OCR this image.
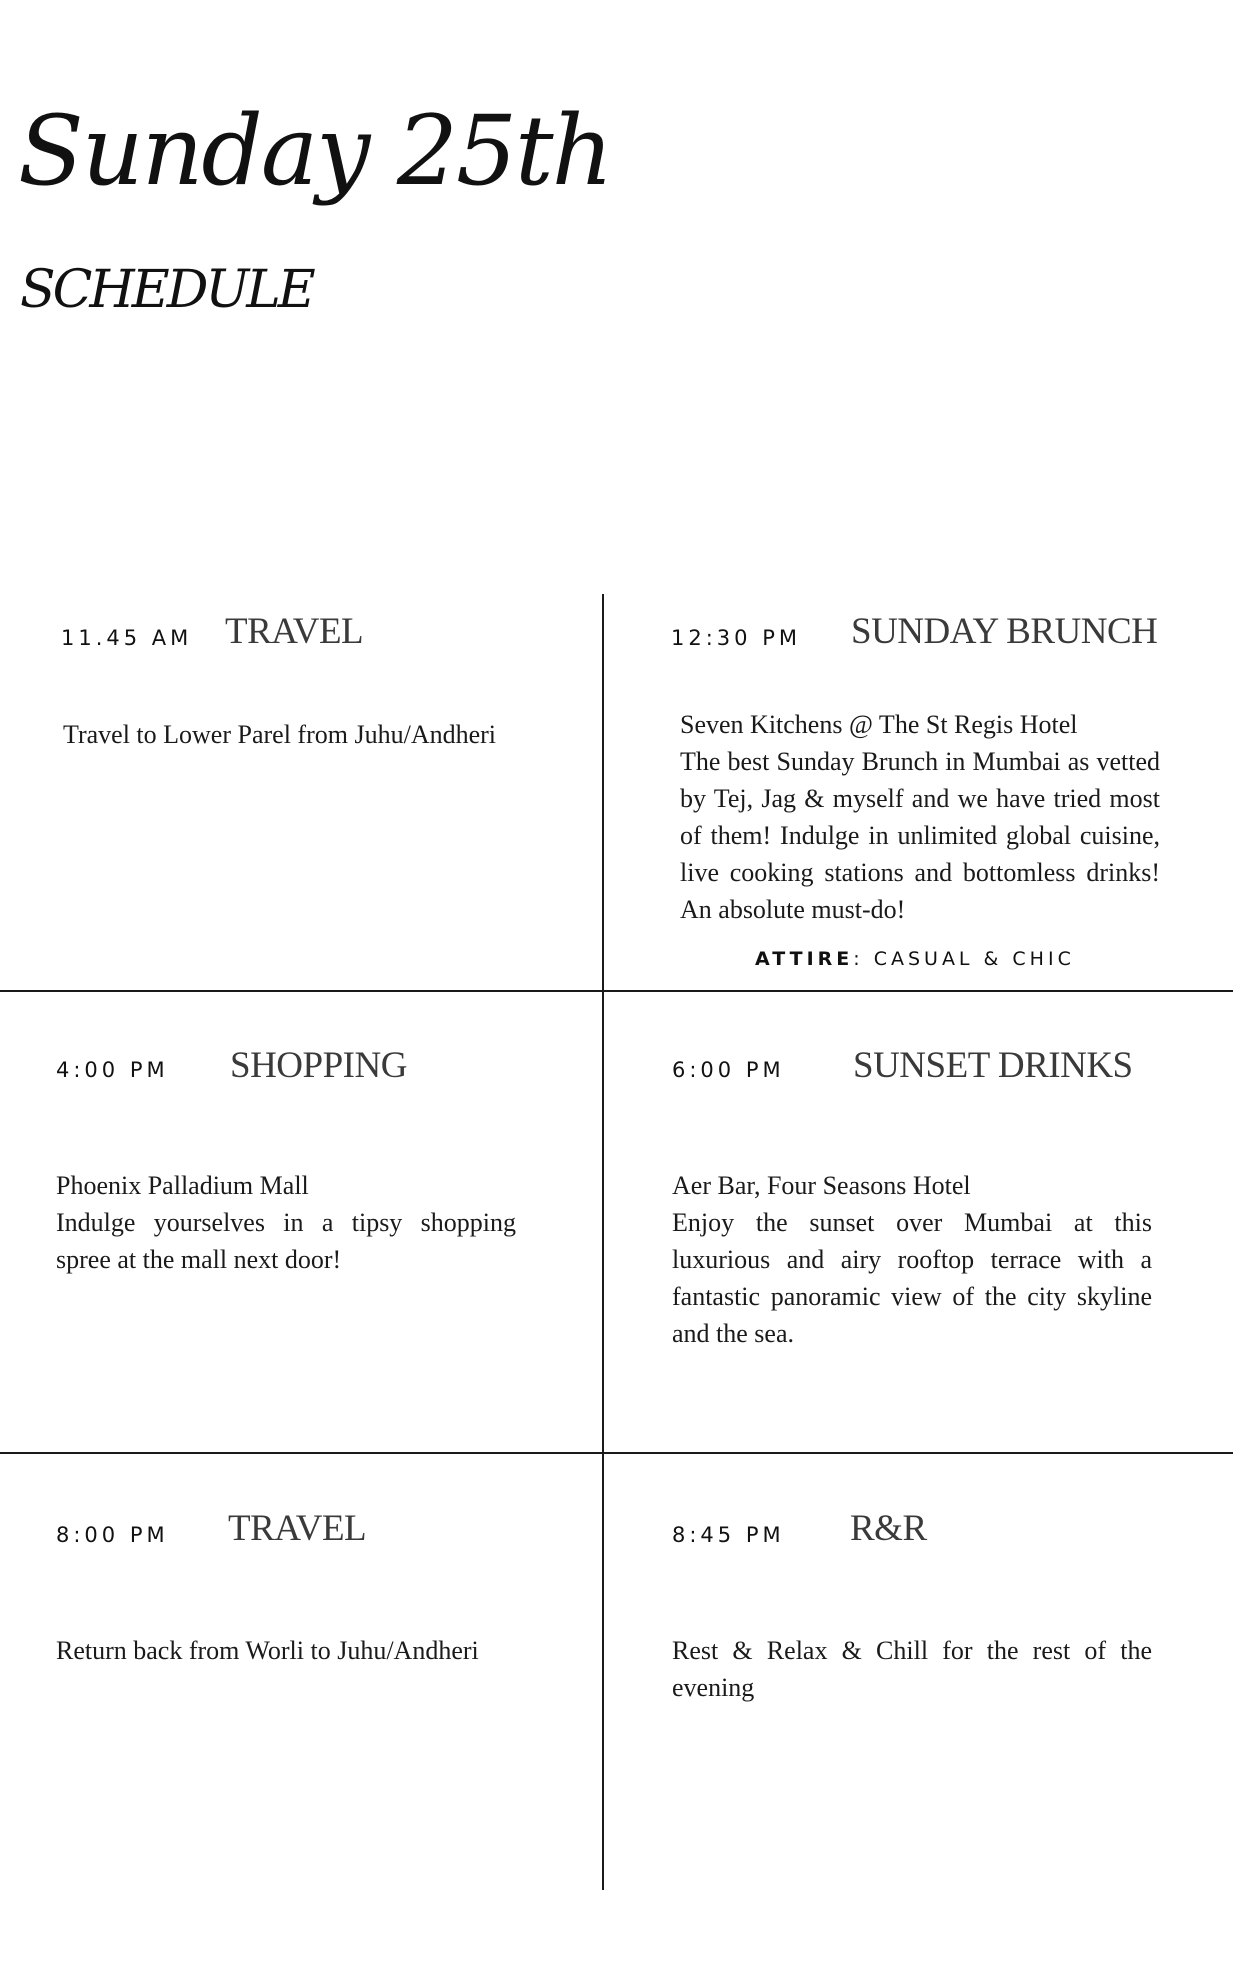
Sunday 25th
SCHEDULE
11.45 AM TRAVEL

Travel to Lower Parel from Juhu/Andheri

12:30 PM SUNDAY BRUNCH

Seven Kitchens @ The St Regis Hotel

The best Sunday Brunch in Mumbai as vetted by Tej, Jag & myself and we have tried most of them! Indulge in unlimited global cuisine, live cooking stations and bottomless drinks! An absolute must-do!

ATTIRE: CASUAL & CHIC
4:00 PM SHOPPING

Phoenix Palladium Mall

Indulge yourselves in a tipsy shopping spree at the mall next door!

6:00 PM SUNSET DRINKS

Aer Bar, Four Seasons Hotel

Enjoy the sunset over Mumbai at this luxurious and airy rooftop terrace with a fantastic panoramic view of the city skyline and the sea.

8:00 PM TRAVEL

Return back from Worli to Juhu/Andheri

8:45 PM R&R

Rest & Relax & Chill for the rest of the evening
